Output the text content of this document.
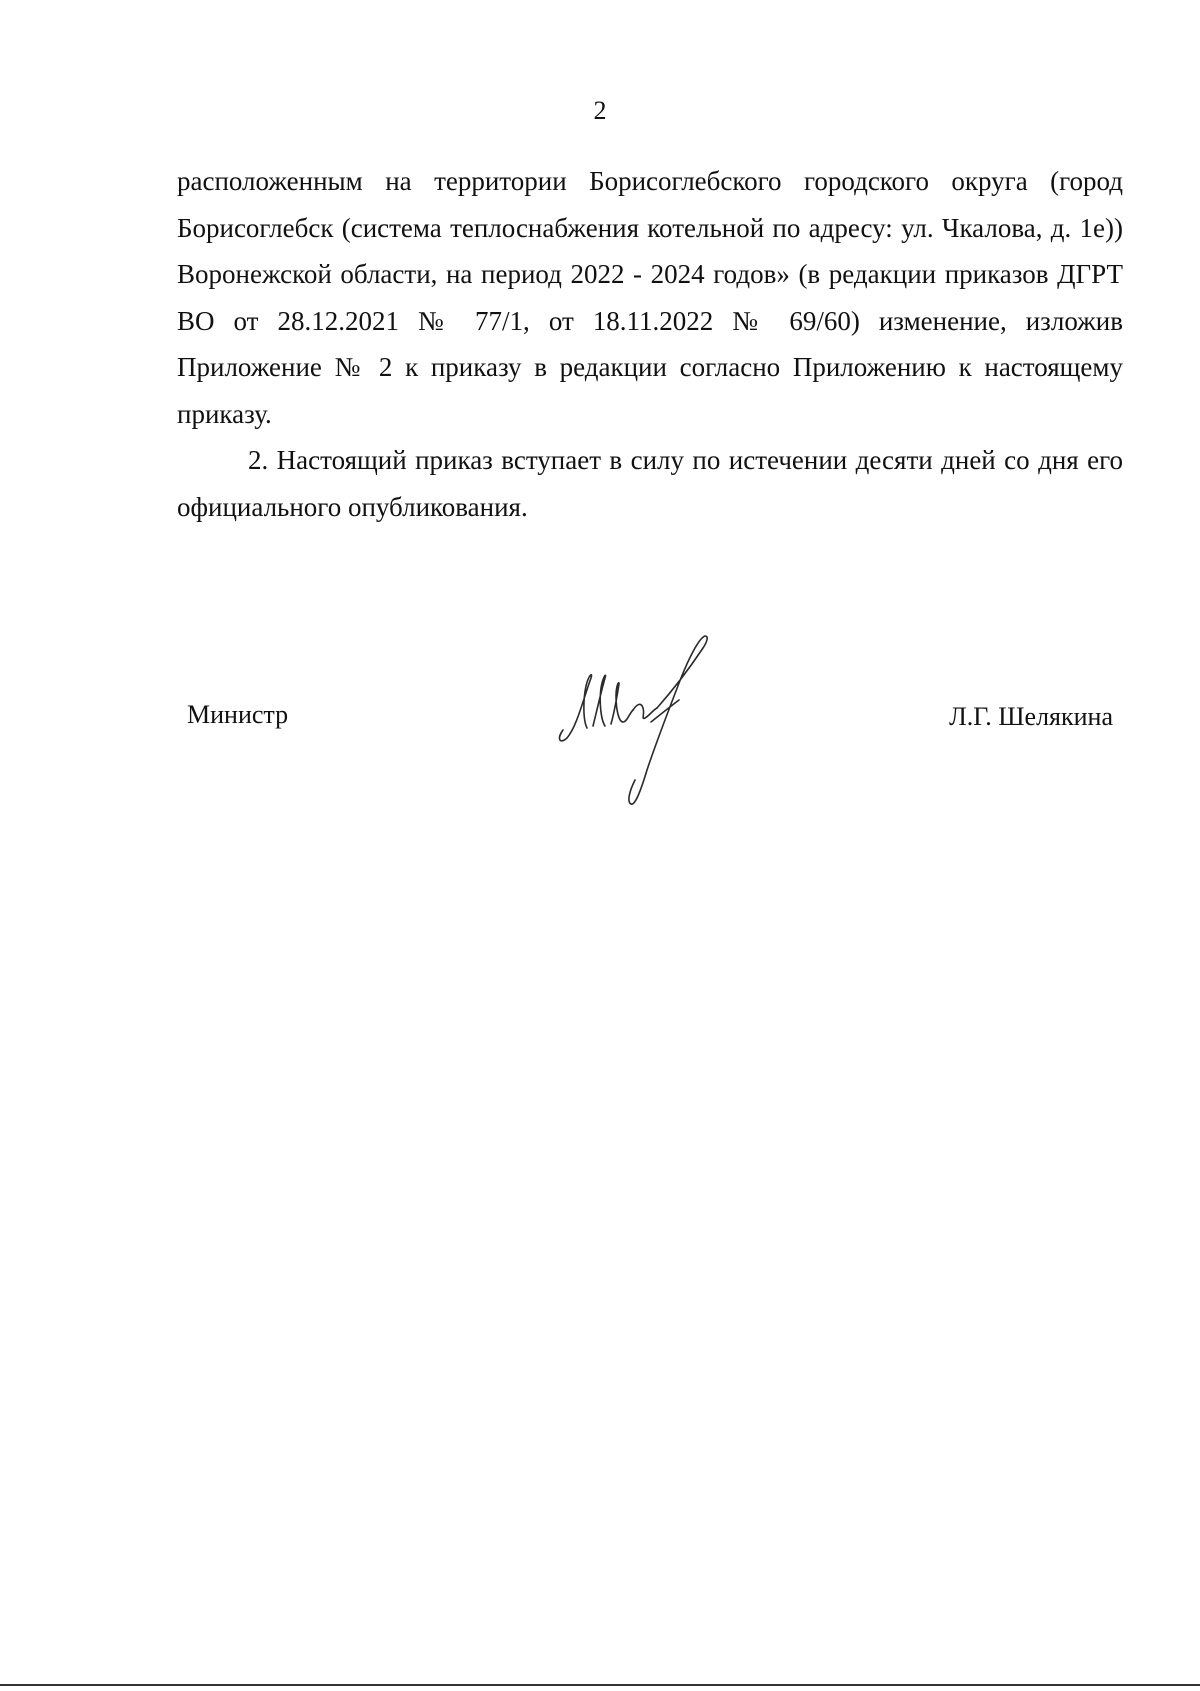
2

расположенным на территории Борисоглебского городского округа (город Борисоглебск (система теплоснабжения котельной по адресу: ул. Чкалова, д. 1е)) Воронежской области, на период 2022 - 2024 годов» (в редакции приказов ДГРТ ВО от 28.12.2021 № 77/1, от 18.11.2022 № 69/60) изменение, изложив Приложение № 2 к приказу в редакции согласно Приложению к настоящему приказу.

2. Настоящий приказ вступает в силу по истечении десяти дней со дня его официального опубликования.

Министр	Л.Г. Шелякина
